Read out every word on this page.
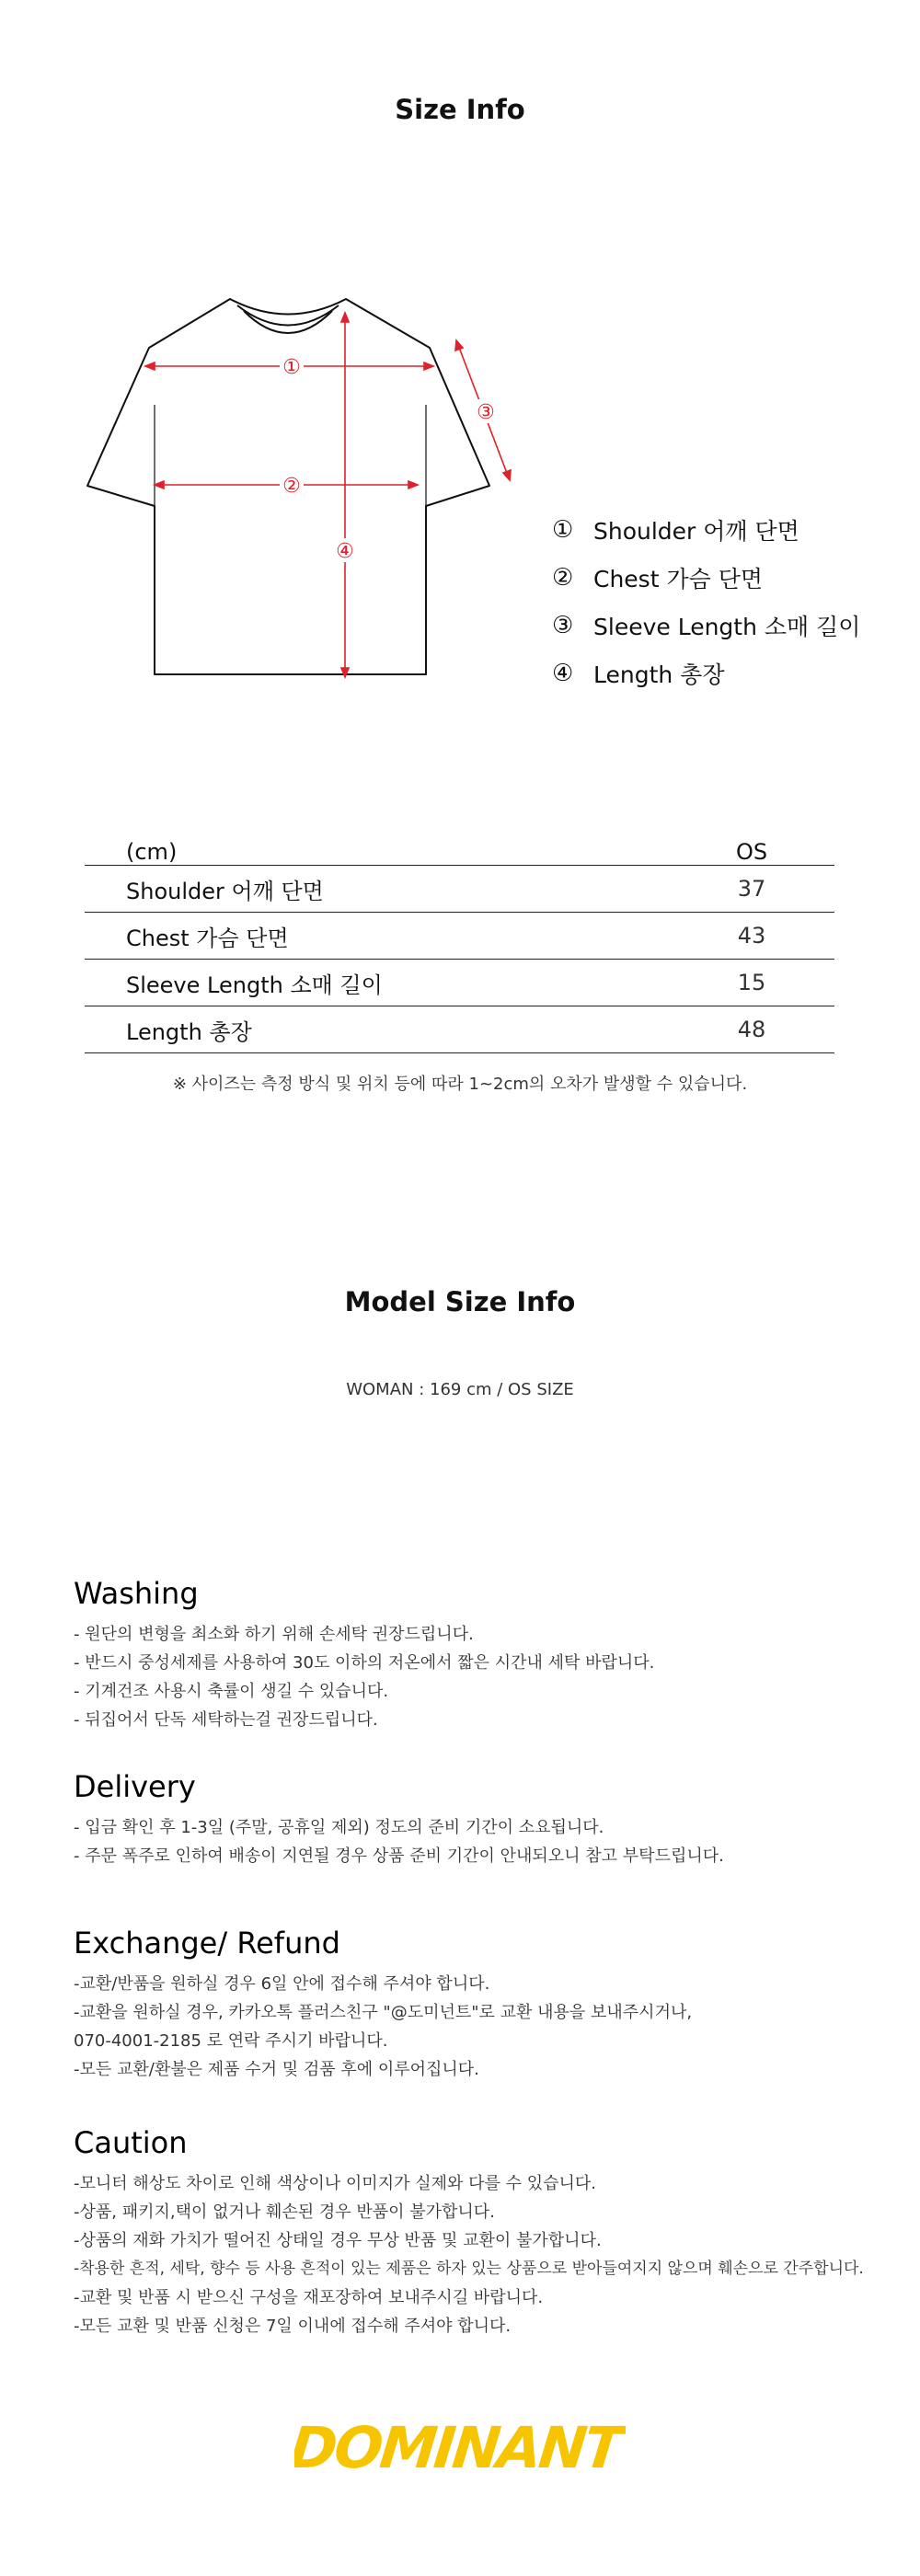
Size Info
①
②
③
④
① Shoulder 어깨 단면
② Chest 가슴 단면
③ Sleeve Length 소매 길이
④ Length 총장
(cm)	OS
Shoulder 어깨 단면	37
Chest 가슴 단면	43
Sleeve Length 소매 길이	15
Length 총장	48
※ 사이즈는 측정 방식 및 위치 등에 따라 1~2cm의 오차가 발생할 수 있습니다.
Model Size Info
WOMAN : 169 cm / OS SIZE
Washing
- 원단의 변형을 최소화 하기 위해 손세탁 권장드립니다.
- 반드시 중성세제를 사용하여 30도 이하의 저온에서 짧은 시간내 세탁 바랍니다.
- 기계건조 사용시 축률이 생길 수 있습니다.
- 뒤집어서 단독 세탁하는걸 권장드립니다.
Delivery
- 입금 확인 후 1-3일 (주말, 공휴일 제외) 정도의 준비 기간이 소요됩니다.
- 주문 폭주로 인하여 배송이 지연될 경우 상품 준비 기간이 안내되오니 참고 부탁드립니다.
Exchange/ Refund
-교환/반품을 원하실 경우 6일 안에 접수해 주셔야 합니다.
-교환을 원하실 경우, 카카오톡 플러스친구 "@도미넌트"로 교환 내용을 보내주시거나,
070-4001-2185 로 연락 주시기 바랍니다.
-모든 교환/환불은 제품 수거 및 검품 후에 이루어집니다.
Caution
-모니터 해상도 차이로 인해 색상이나 이미지가 실제와 다를 수 있습니다.
-상품, 패키지,택이 없거나 훼손된 경우 반품이 불가합니다.
-상품의 재화 가치가 떨어진 상태일 경우 무상 반품 및 교환이 불가합니다.
-착용한 흔적, 세탁, 향수 등 사용 흔적이 있는 제품은 하자 있는 상품으로 받아들여지지 않으며 훼손으로 간주합니다.
-교환 및 반품 시 받으신 구성을 재포장하여 보내주시길 바랍니다.
-모든 교환 및 반품 신청은 7일 이내에 접수해 주셔야 합니다.
DOMINANT
